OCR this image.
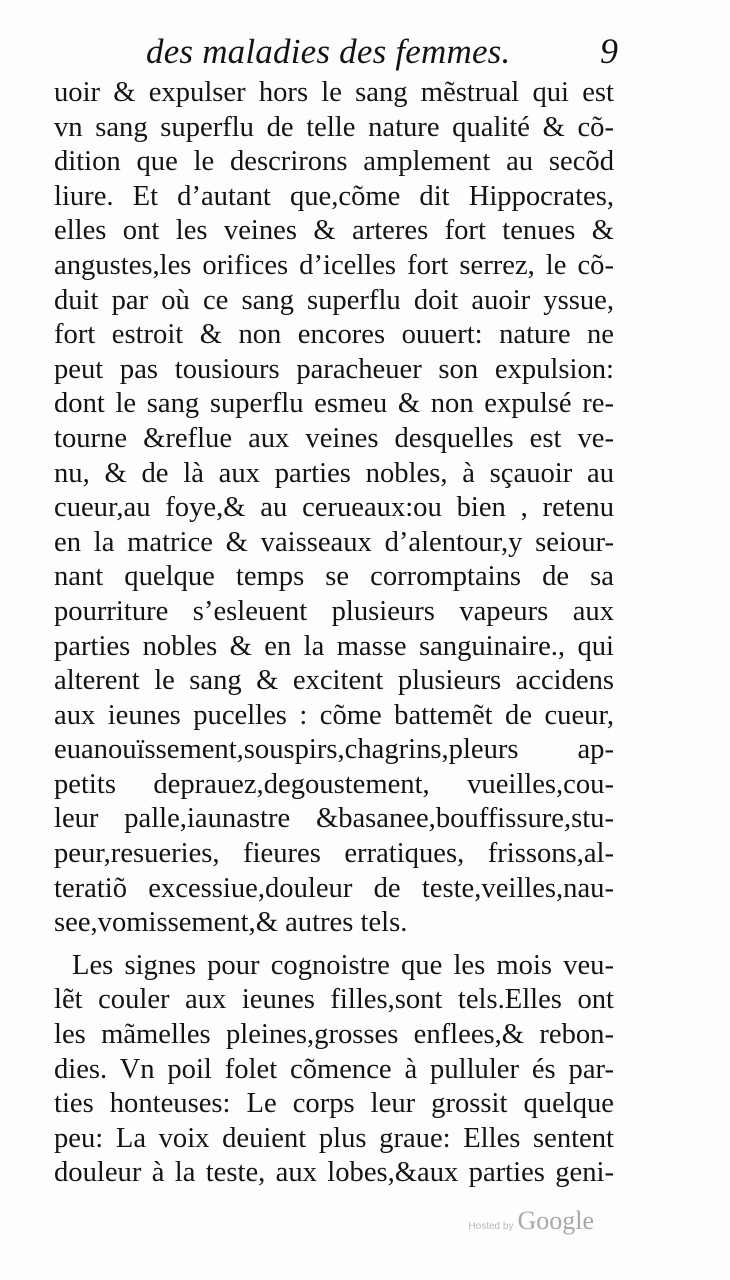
des maladies des femmes. 9
uoir & expulser hors le sang mẽstrual qui est
vn sang superflu de telle nature qualité & cõ-
dition que le descrirons amplement au secõd
liure. Et d’autant que,cõme dit Hippocrates,
elles ont les veines & arteres fort tenues &
angustes,les orifices d’icelles fort serrez, le cõ-
duit par où ce sang superflu doit auoir yssue,
fort estroit & non encores ouuert: nature ne
peut pas tousiours paracheuer son expulsion:
dont le sang superflu esmeu & non expulsé re-
tourne &reflue aux veines desquelles est ve-
nu, & de là aux parties nobles, à sçauoir au
cueur,au foye,& au cerueaux:ou bien , retenu
en la matrice & vaisseaux d’alentour,y seiour-
nant quelque temps se corromptains de sa
pourriture s’esleuent plusieurs vapeurs aux
parties nobles & en la masse sanguinaire., qui
alterent le sang & excitent plusieurs accidens
aux ieunes pucelles : cõme battemẽt de cueur,
euanouïssement,souspirs,chagrins,pleurs ap-
petits deprauez,degoustement, vueilles,cou-
leur palle,iaunastre &basanee,bouffissure,stu-
peur,resueries, fieures erratiques, frissons,al-
teratiõ excessiue,douleur de teste,veilles,nau-
see,vomissement,& autres tels.
Les signes pour cognoistre que les mois veu-
lẽt couler aux ieunes filles,sont tels.Elles ont
les mãmelles pleines,grosses enflees,& rebon-
dies. Vn poil folet cõmence à pulluler és par-
ties honteuses: Le corps leur grossit quelque
peu: La voix deuient plus graue: Elles sentent
douleur à la teste, aux lobes,&aux parties geni-
Hosted by Google
